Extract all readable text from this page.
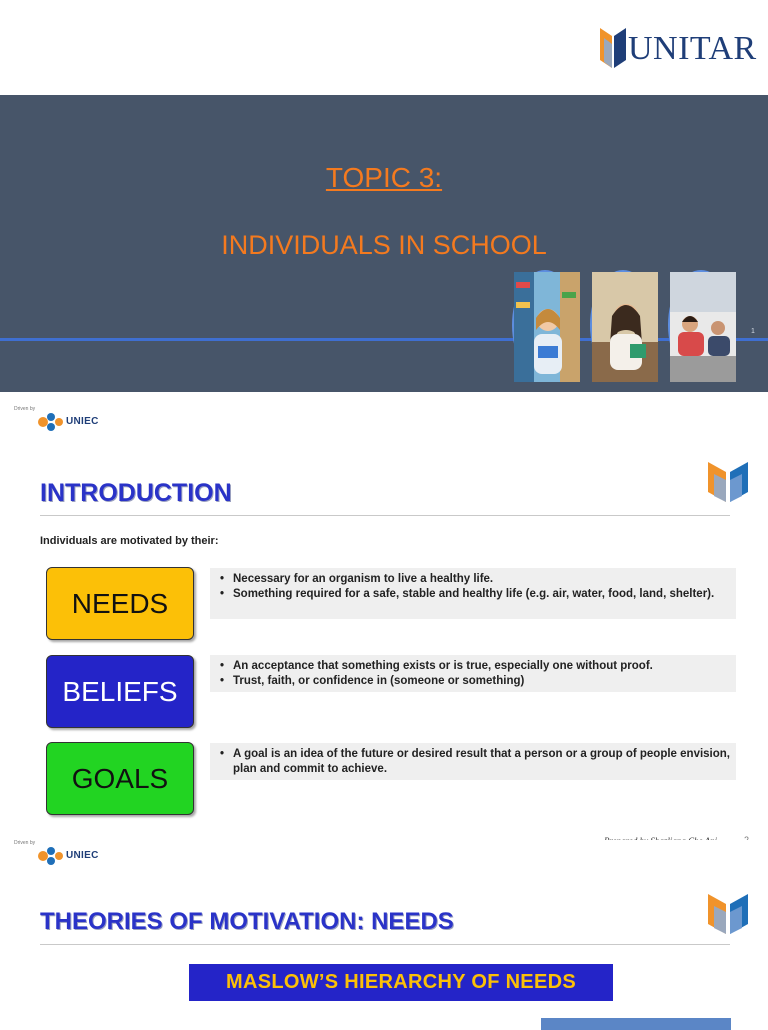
UNITAR
TOPIC 3:
INDIVIDUALS IN SCHOOL
1
Driven by
UNIEC
INTRODUCTION
Individuals are motivated by their:
NEEDS
• Necessary for an organism to live a healthy life.
• Something required for a safe, stable and healthy life (e.g. air, water, food, land, shelter).
BELIEFS
• An acceptance that something exists or is true, especially one without proof.
• Trust, faith, or confidence in (someone or something)
GOALS
• A goal is an idea of the future or desired result that a person or a group of people envision, plan and commit to achieve.
Driven by
UNIEC
THEORIES OF MOTIVATION: NEEDS
MASLOW’S HIERARCHY OF NEEDS
